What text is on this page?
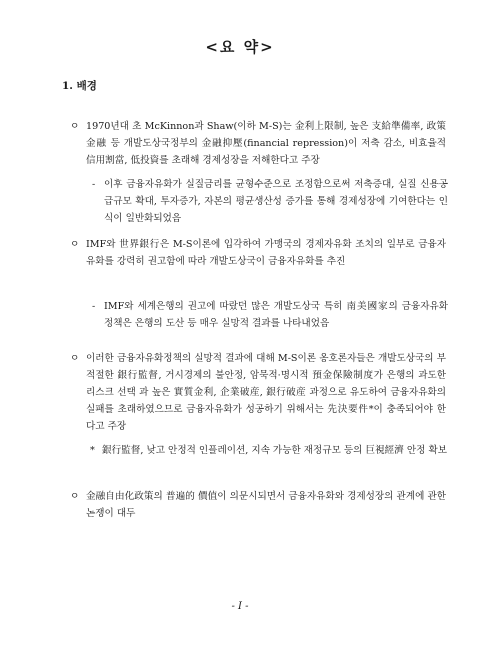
<요 약>
1. 배경
ㅇ 1970년대 초 McKinnon과 Shaw(이하 M-S)는 金利上限制, 높은 支給準備率, 政策金融 등 개발도상국정부의 金融抑壓(financial repression)이 저축 감소, 비효율적 信用割當, 低投資를 초래해 경제성장을 저해한다고 주장
- 이후 금융자유화가 실질금리를 균형수준으로 조정함으로써 저축증대, 실질 신용공급규모 확대, 투자증가, 자본의 평균생산성 증가를 통해 경제성장에 기여한다는 인식이 일반화되었음
ㅇ IMF와 世界銀行은 M-S이론에 입각하여 가맹국의 경제자유화 조치의 일부로 금융자유화를 강력히 권고함에 따라 개발도상국이 금융자유화를 추진
- IMF와 세계은행의 권고에 따랐던 많은 개발도상국 특히 南美國家의 금융자유화 정책은 은행의 도산 등 매우 실망적 결과를 나타내었음
ㅇ 이러한 금융자유화정책의 실망적 결과에 대해 M-S이론 옹호론자들은 개발도상국의 부적절한 銀行監督, 거시경제의 불안정, 암묵적·명시적 預金保險制度가 은행의 과도한 리스크 선택 과 높은 實質金利, 企業破産, 銀行破産 과정으로 유도하여 금융자유화의 실패를 초래하였으므로 금융자유화가 성공하기 위해서는 先決要件*이 충족되어야 한다고 주장
* 銀行監督, 낮고 안정적 인플레이션, 지속 가능한 재정규모 등의 巨視經濟 안정 확보
ㅇ 金融自由化政策의 普遍的 價值이 의문시되면서 금융자유화와 경제성장의 관계에 관한 논쟁이 대두
- I -
